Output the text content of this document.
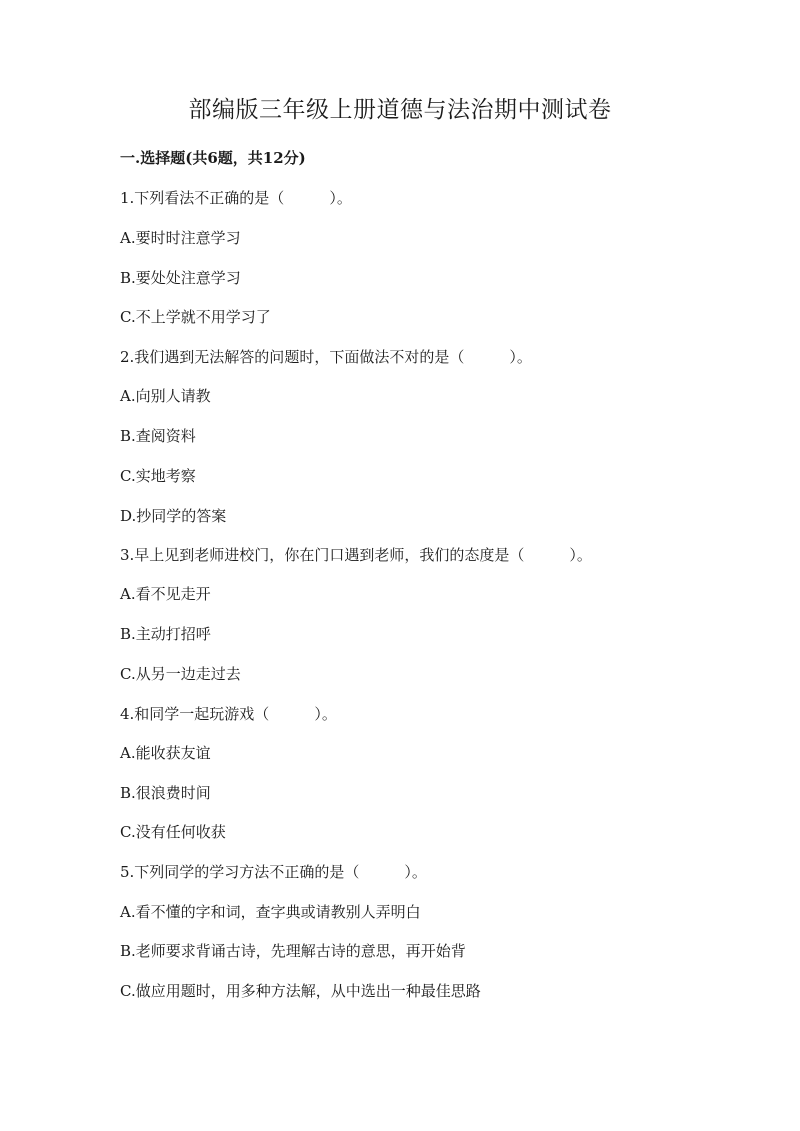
部编版三年级上册道德与法治期中测试卷

一.选择题(共6题，共12分)

1.下列看法不正确的是（　　　）。

A.要时时注意学习

B.要处处注意学习

C.不上学就不用学习了

2.我们遇到无法解答的问题时，下面做法不对的是（　　　）。

A.向别人请教

B.查阅资料

C.实地考察

D.抄同学的答案

3.早上见到老师进校门，你在门口遇到老师，我们的态度是（　　　）。

A.看不见走开

B.主动打招呼

C.从另一边走过去

4.和同学一起玩游戏（　　　）。

A.能收获友谊

B.很浪费时间

C.没有任何收获

5.下列同学的学习方法不正确的是（　　　）。

A.看不懂的字和词，查字典或请教别人弄明白

B.老师要求背诵古诗，先理解古诗的意思，再开始背

C.做应用题时，用多种方法解，从中选出一种最佳思路
